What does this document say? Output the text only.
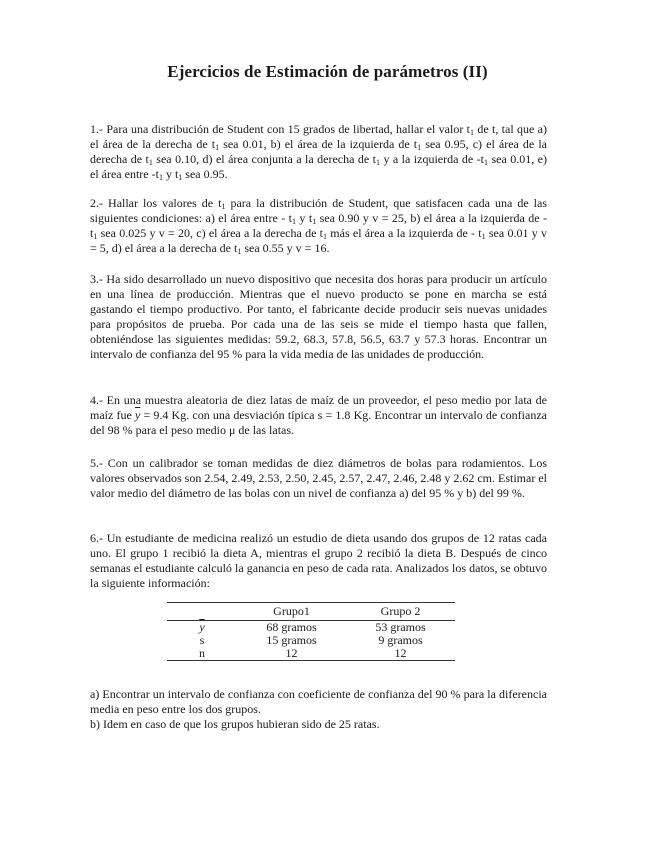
Ejercicios de Estimación de parámetros (II)
1.- Para una distribución de Student con 15 grados de libertad, hallar el valor $t_1$ de t, tal que a) el área de la derecha de $t_1$ sea 0.01, b) el área de la izquierda de $t_1$ sea 0.95, c) el área de la derecha de $t_1$ sea 0.10, d) el área conjunta a la derecha de $t_1$ y a la izquierda de $-t_1$ sea 0.01, e) el área entre $-t_1$ y $t_1$ sea 0.95.
2.- Hallar los valores de $t_1$ para la distribución de Student, que satisfacen cada una de las siguientes condiciones: a) el área entre - $t_1$ y $t_1$ sea 0.90 y v = 25, b) el área a la izquierda de - $t_1$ sea 0.025 y v = 20, c) el área a la derecha de $t_1$ más el área a la izquierda de - $t_1$ sea 0.01 y v = 5, d) el área a la derecha de $t_1$ sea 0.55 y v = 16.
3.- Ha sido desarrollado un nuevo dispositivo que necesita dos horas para producir un artículo en una línea de producción. Mientras que el nuevo producto se pone en marcha se está gastando el tiempo productivo. Por tanto, el fabricante decide producir seis nuevas unidades para propósitos de prueba. Por cada una de las seis se mide el tiempo hasta que fallen, obteniéndose las siguientes medidas: 59.2, 68.3, 57.8, 56.5, 63.7 y 57.3 horas. Encontrar un intervalo de confianza del 95 % para la vida media de las unidades de producción.
4.- En una muestra aleatoria de diez latas de maíz de un proveedor, el peso medio por lata de maíz fue $\overline{y} = 9.4$ Kg. con una desviación típica s = 1.8 Kg. Encontrar un intervalo de confianza del 98 % para el peso medio μ de las latas.
5.- Con un calibrador se toman medidas de diez diámetros de bolas para rodamientos. Los valores observados son 2.54, 2.49, 2.53, 2.50, 2.45, 2.57, 2.47, 2.46, 2.48 y 2.62 cm. Estimar el valor medio del diámetro de las bolas con un nivel de confianza a) del 95 % y b) del 99 %.
6.- Un estudiante de medicina realizó un estudio de dieta usando dos grupos de 12 ratas cada uno. El grupo 1 recibió la dieta A, mientras el grupo 2 recibió la dieta B. Después de cinco semanas el estudiante calculó la ganancia en peso de cada rata. Analizados los datos, se obtuvo la siguiente información:
	Grupo1	Grupo 2
$\overline{y}$	68 gramos	53 gramos
s	15 gramos	9 gramos
n	12	12
a) Encontrar un intervalo de confianza con coeficiente de confianza del 90 % para la diferencia media en peso entre los dos grupos.
b) Idem en caso de que los grupos hubieran sido de 25 ratas.
